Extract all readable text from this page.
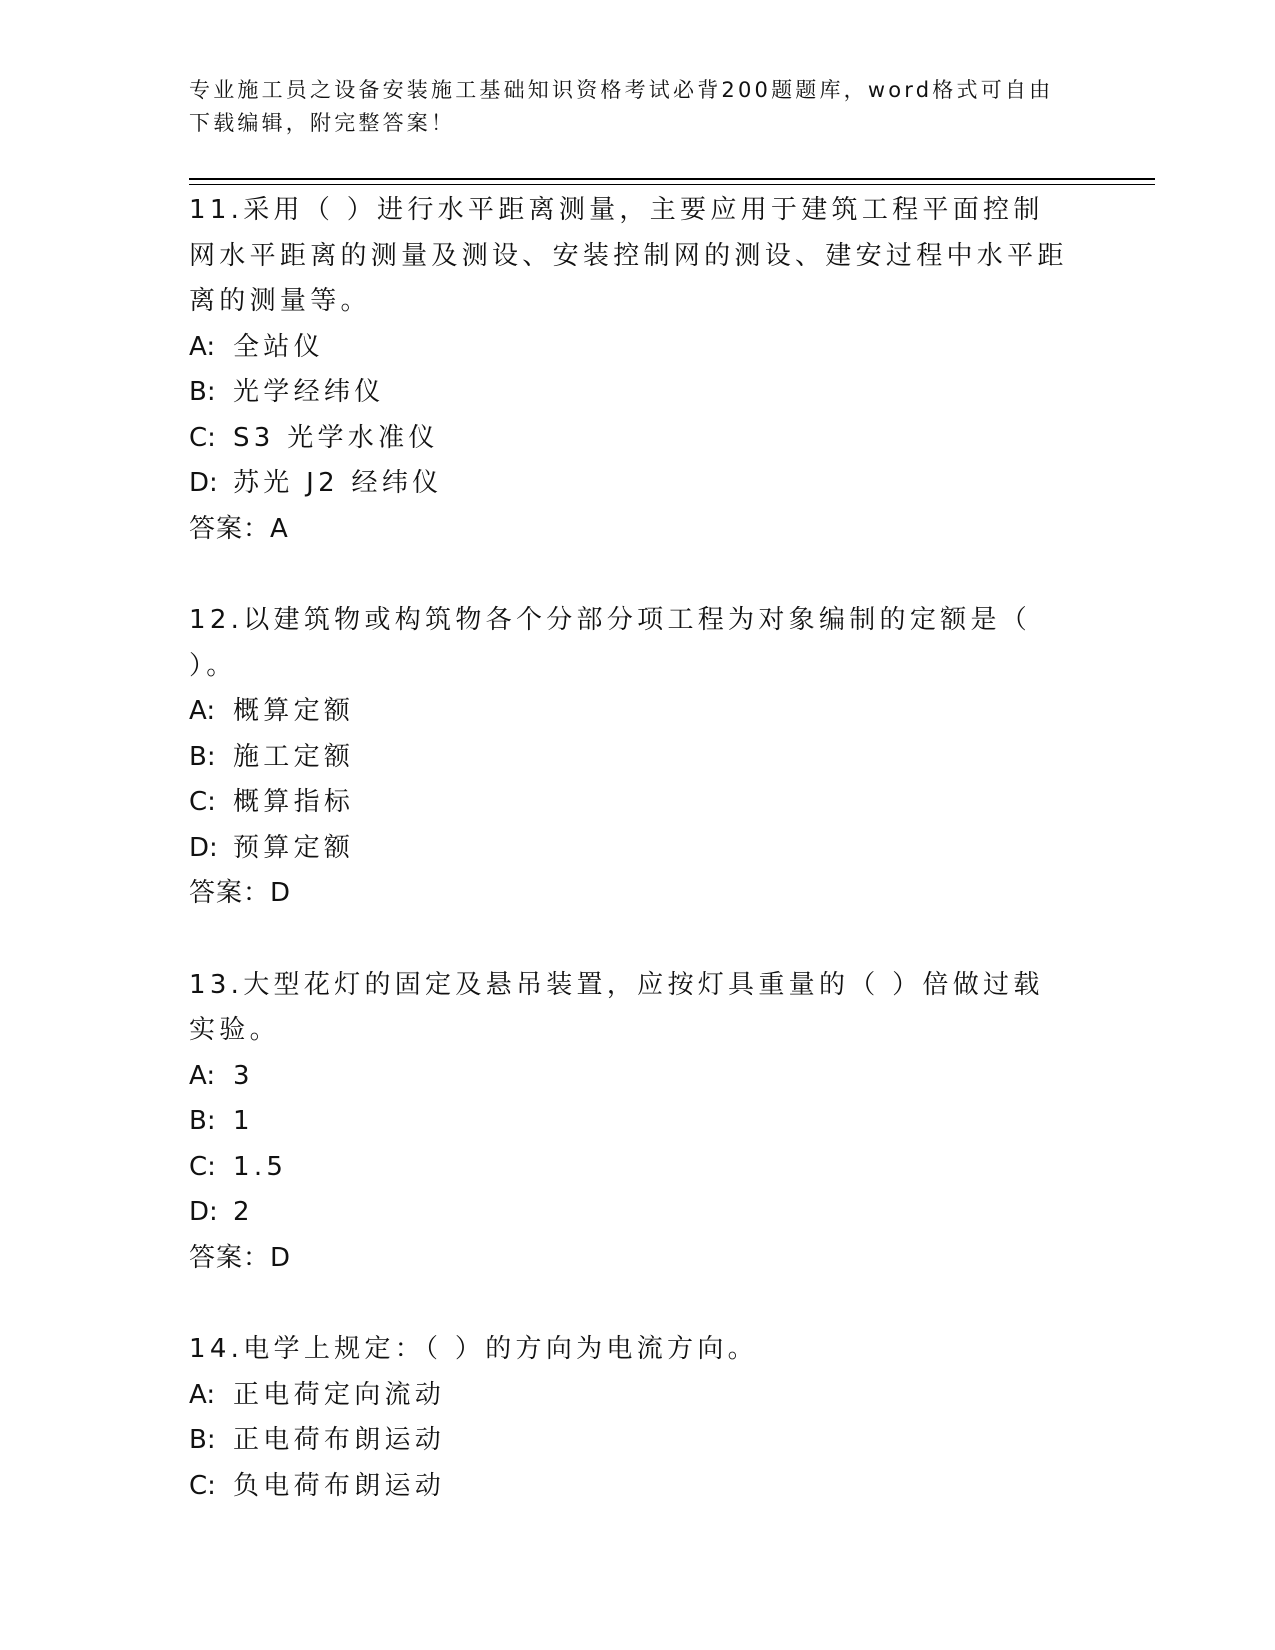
专业施工员之设备安装施工基础知识资格考试必背200题题库，word格式可自由下载编辑，附完整答案！

11.采用（ ）进行水平距离测量，主要应用于建筑工程平面控制网水平距离的测量及测设、安装控制网的测设、建安过程中水平距离的测量等。

A: 全站仪
B: 光学经纬仪
C: S3 光学水准仪
D: 苏光 J2 经纬仪
答案：A

12.以建筑物或构筑物各个分部分项工程为对象编制的定额是（ ）。

A: 概算定额
B: 施工定额
C: 概算指标
D: 预算定额
答案：D

13.大型花灯的固定及悬吊装置，应按灯具重量的（ ）倍做过载实验。

A: 3
B: 1
C: 1.5
D: 2
答案：D

14.电学上规定：（ ）的方向为电流方向。

A: 正电荷定向流动
B: 正电荷布朗运动
C: 负电荷布朗运动
